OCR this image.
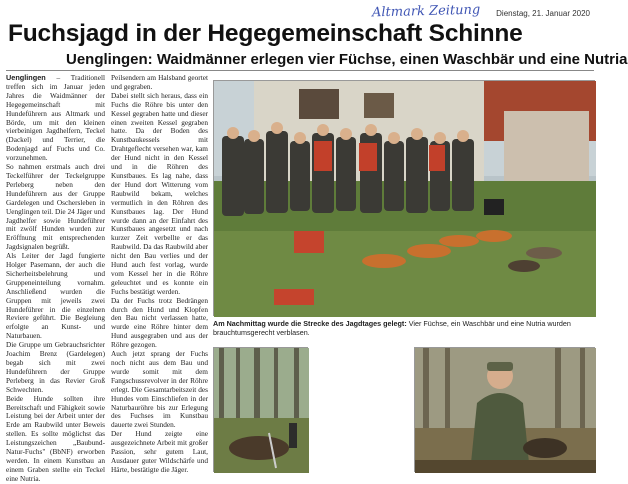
Altmark Zeitung Dienstag, 21. Januar 2020
Fuchsjagd in der Hegegemeinschaft Schinne
Uenglingen: Waidmänner erlegen vier Füchse, einen Waschbär und eine Nutria

Uenglingen – Traditionell treffen sich im Januar jeden Jahres die Waidmänner der Hegegemeinschaft mit Hundeführern aus Altmark und Börde, um mit den kleinen vierbeinigen Jagdhelfern, Teckel (Dackel) und Terrier, die Bodenjagd auf Fuchs und Co. vorzunehmen.

So nahmen erstmals auch drei Teckelführer der Teckelgruppe Perleberg neben den Hundeführern aus der Gruppe Gardelegen und Oschersleben in Uenglingen teil. Die 24 Jäger und Jagdhelfer sowie Hundeführer mit zwölf Hunden wurden zur Eröffnung mit entsprechenden Jagdsignalen begrüßt.

Als Leiter der Jagd fungierte Holger Pasemann, der auch die Sicherheitsbelehrung und Gruppeneinteilung vornahm. Anschließend wurden die Gruppen mit jeweils zwei Hundeführer in die einzelnen Reviere geführt. Die Begleiung erfolgte an Kunst- und Naturbauen.

Die Gruppe um Gebrauchsrichter Joachim Brenz (Gardelegen) begab sich mit zwei Hundeführern der Gruppe Perleberg in das Revier Groß Schwechten.

Beide Hunde sollten ihre Bereitschaft und Fähigkeit sowie Leistung bei der Arbeit unter der Erde am Raubwild unter Beweis stellen. Es sollte möglichst das Leistungszeichen „Baubund-Natur-Fuchs" (BbNF) erworben werden. In einem Kunstbau an einem Graben stellte ein Teckel eine Nutria.

Peilsendern am Halsband geortet und gegraben.

Dabei stellt sich heraus, dass ein Fuchs die Röhre bis unter den Kessel gegraben hatte und dieser einen zweiten Kessel gegraben hatte. Da der Boden des Kunstbaukessels mit Drahtgeflecht versehen war, kam der Hund nicht in den Kessel und in die Röhren des Kunstbaues. Es lag nahe, dass der Hund dort Witterung vom Raubwild bekam, welches vermutlich in den Röhren des Kunstbaues lag. Der Hund wurde dann an der Einfahrt des Kunstbaues angesetzt und nach kurzer Zeit verbellte er das Raubwild. Da das Raubwild aber nicht den Bau verlies und der Hund auch fest vorlag, wurde vom Kessel her in die Röhre geleuchtet und es konnte ein Fuchs bestätigt werden.

Da der Fuchs trotz Bedrängen durch den Hund und Klopfen den Bau nicht verlassen hatte, wurde eine Röhre hinter dem Hund ausgegraben und aus der Röhre gezogen.

Auch jetzt sprang der Fuchs noch nicht aus dem Bau und wurde somit mit dem Fangschussrevolver in der Röhre erlegt. Die Gesamtarbeitszeit des Hundes vom Einschliefen in der Naturbauröhre bis zur Erlegung des Fuchses im Kunstbau dauerte zwei Stunden.

Der Hund zeigte eine ausgezeichnete Arbeit mit großer Passion, sehr gutem Laut, Ausdauer guter Wildschärfe und Härte, bestätigte die Jäger.

Am Nachmittag wurde die Strecke des Jagdtages gelegt: Vier Füchse, ein Waschbär und eine Nutria wurden brauchtumsgerecht verblasen.
